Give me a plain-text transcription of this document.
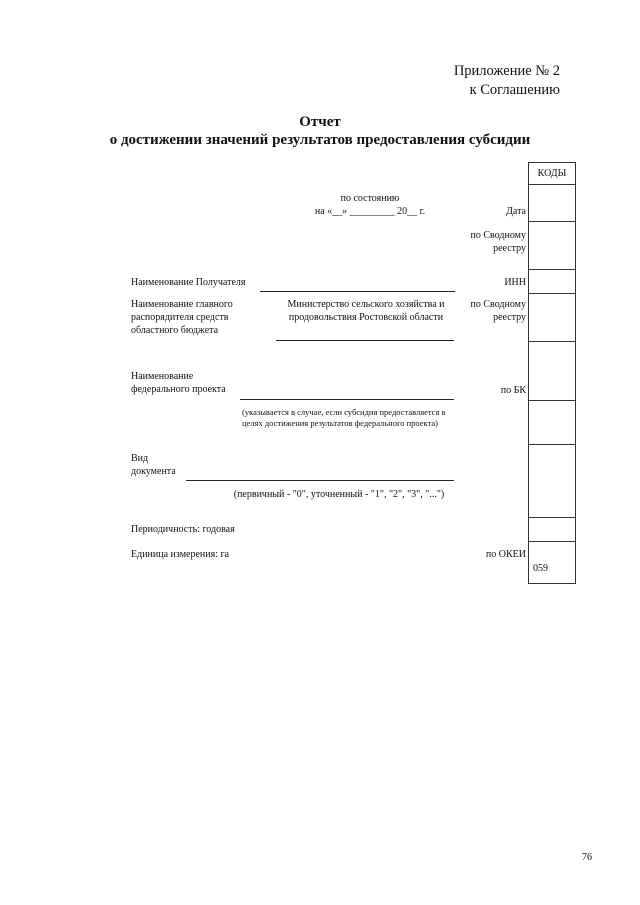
Приложение № 2
к Соглашению
Отчет
о достижении значений результатов предоставления субсидии
по состоянию
на «__» _________ 20__ г.
Наименование Получателя
Наименование главного распорядителя средств областного бюджета
Министерство сельского хозяйства и продовольствия Ростовской области
Наименование федерального проекта
(указывается в случае, если субсидия предоставляется в целях достижения результатов федерального проекта)
Вид документа
(первичный - "0", уточненный - "1", "2", "3", "...")
Периодичность: годовая
Единица измерения: га
Дата
по Сводному реестру
ИНН
по Сводному реестру
по БК
по ОКЕИ
КОДЫ
059
76
